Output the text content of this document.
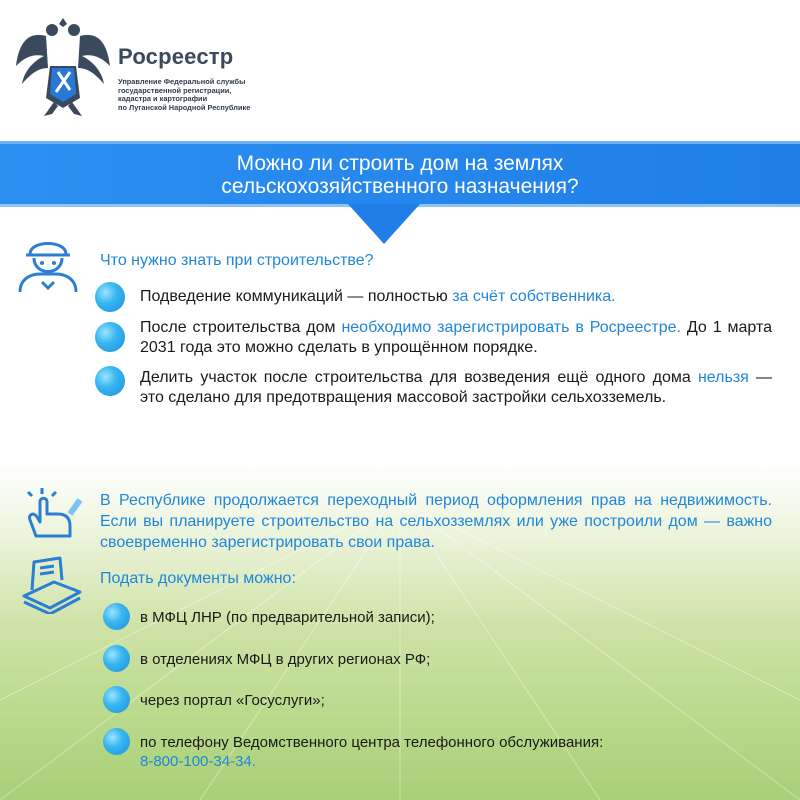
Росреестр
Управление Федеральной службы
государственной регистрации,
кадастра и картографии
по Луганской Народной Республике
Можно ли строить дом на землях
сельскохозяйственного назначения?
Что нужно знать при строительстве?
Подведение коммуникаций — полностью за счёт собственника.
После строительства дом необходимо зарегистрировать в Росреестре. До 1 марта 2031 года это можно сделать в упрощённом порядке.
Делить участок после строительства для возведения ещё одного дома нельзя — это сделано для предотвращения массовой застройки сельхозземель.
В Республике продолжается переходный период оформления прав на недвижимость. Если вы планируете строительство на сельхозземлях или уже построили дом — важно своевременно зарегистрировать свои права.
Подать документы можно:
в МФЦ ЛНР (по предварительной записи);
в отделениях МФЦ в других регионах РФ;
через портал «Госуслуги»;
по телефону Ведомственного центра телефонного обслуживания:
8-800-100-34-34.
